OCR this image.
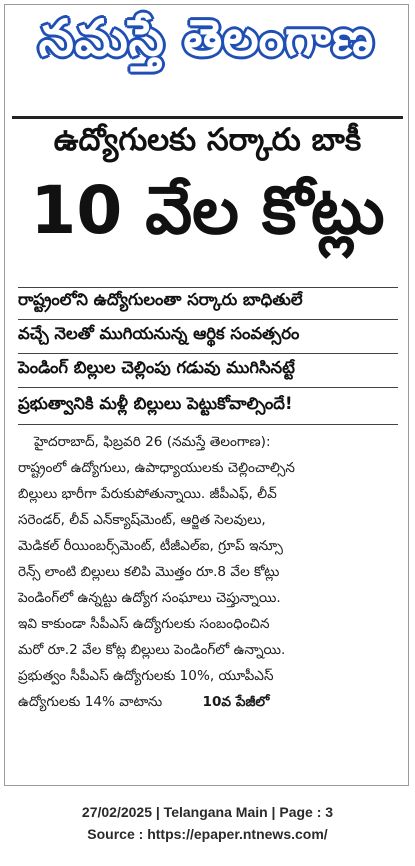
నమస్తే తెలంగాణ
ఉద్యోగులకు సర్కారు బాకీ
10 వేల కోట్లు
రాష్ట్రంలోని ఉద్యోగులంతా సర్కారు బాధితులే
వచ్చే నెలతో ముగియనున్న ఆర్థిక సంవత్సరం
పెండింగ్ బిల్లుల చెల్లింపు గడువు ముగిసినట్టే
ప్రభుత్వానికి మళ్లీ బిల్లులు పెట్టుకోవాల్సిందే!
హైదరాబాద్, ఫిబ్రవరి 26 (నమస్తే తెలంగాణ):
రాష్ట్రంలో ఉద్యోగులు, ఉపాధ్యాయులకు చెల్లించాల్సిన
బిల్లులు భారీగా పేరుకుపోతున్నాయి. జీపీఎఫ్, లీవ్
సరెండర్, లీవ్ ఎన్‌క్యాష్‌మెంట్, ఆర్జిత సెలవులు,
మెడికల్ రీయింబర్స్‌మెంట్, టీజీఎల్‌ఐ, గ్రూప్ ఇన్సూ
రెన్స్ లాంటి బిల్లులు కలిపి మొత్తం రూ.8 వేల కోట్లు
పెండింగ్‌లో ఉన్నట్టు ఉద్యోగ సంఘాలు చెప్తున్నాయి.
ఇవి కాకుండా సీపీఎస్ ఉద్యోగులకు సంబంధించిన
మరో రూ.2 వేల కోట్ల బిల్లులు పెండింగ్‌లో ఉన్నాయి.
ప్రభుత్వం సీపీఎస్ ఉద్యోగులకు 10%, యూపీఎస్
ఉద్యోగులకు 14% వాటాను	10వ పేజీలో
27/02/2025 | Telangana Main | Page : 3
Source : https://epaper.ntnews.com/
